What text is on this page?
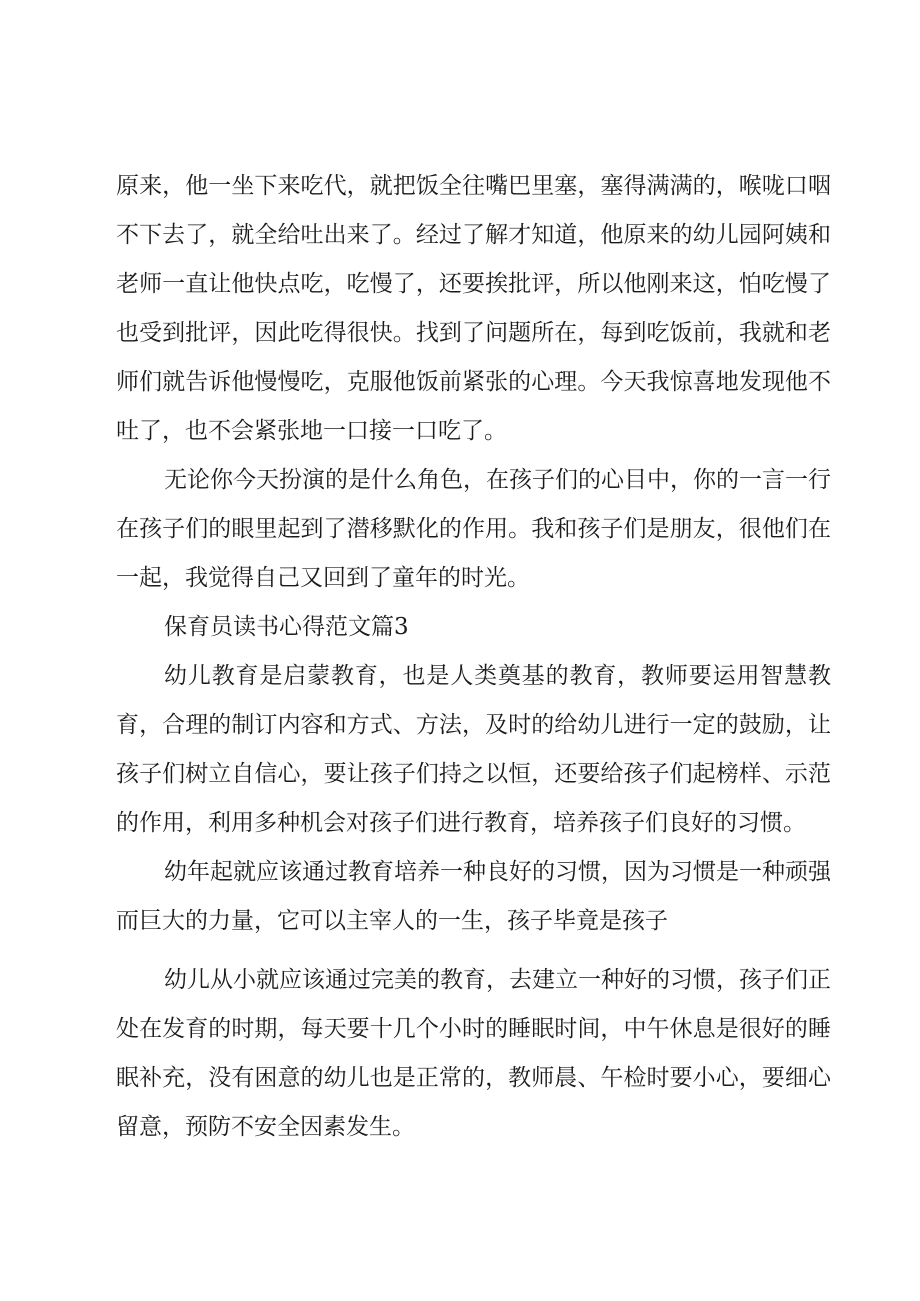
原来，他一坐下来吃代，就把饭全往嘴巴里塞，塞得满满的，喉咙口咽不下去了，就全给吐出来了。经过了解才知道，他原来的幼儿园阿姨和老师一直让他快点吃，吃慢了，还要挨批评，所以他刚来这，怕吃慢了也受到批评，因此吃得很快。找到了问题所在，每到吃饭前，我就和老师们就告诉他慢慢吃，克服他饭前紧张的心理。今天我惊喜地发现他不吐了，也不会紧张地一口接一口吃了。

无论你今天扮演的是什么角色，在孩子们的心目中，你的一言一行在孩子们的眼里起到了潜移默化的作用。我和孩子们是朋友，很他们在一起，我觉得自己又回到了童年的时光。

保育员读书心得范文篇3

幼儿教育是启蒙教育，也是人类奠基的教育，教师要运用智慧教育，合理的制订内容和方式、方法，及时的给幼儿进行一定的鼓励，让孩子们树立自信心，要让孩子们持之以恒，还要给孩子们起榜样、示范的作用，利用多种机会对孩子们进行教育，培养孩子们良好的习惯。

幼年起就应该通过教育培养一种良好的习惯，因为习惯是一种顽强而巨大的力量，它可以主宰人的一生，孩子毕竟是孩子

幼儿从小就应该通过完美的教育，去建立一种好的习惯，孩子们正处在发育的时期，每天要十几个小时的睡眠时间，中午休息是很好的睡眠补充，没有困意的幼儿也是正常的，教师晨、午检时要小心，要细心留意，预防不安全因素发生。
